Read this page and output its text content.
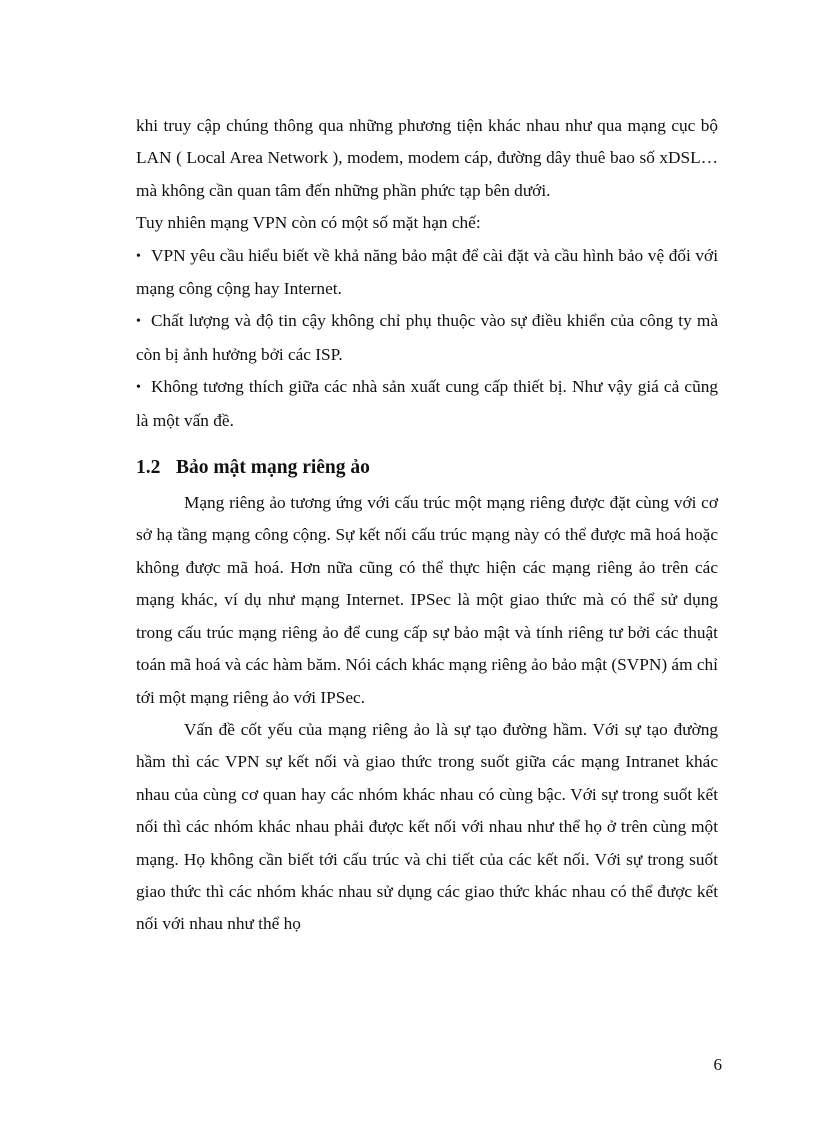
khi truy cập chúng thông qua những phương tiện khác nhau như qua mạng cục bộ LAN ( Local Area Network ), modem, modem cáp, đường dây thuê bao số xDSL… mà không cần quan tâm đến những phần phức tạp bên dưới.

Tuy nhiên mạng VPN còn có một số mặt hạn chế:

• VPN yêu cầu hiểu biết về khả năng bảo mật để cài đặt và cầu hình bảo vệ đối với mạng công cộng hay Internet.

• Chất lượng và độ tin cậy không chỉ phụ thuộc vào sự điều khiển của công ty mà còn bị ảnh hưởng bởi các ISP.

• Không tương thích giữa các nhà sản xuất cung cấp thiết bị. Như vậy giá cả cũng là một vấn đề.

1.2 Bảo mật mạng riêng ảo

Mạng riêng ảo tương ứng với cấu trúc một mạng riêng được đặt cùng với cơ sở hạ tầng mạng công cộng. Sự kết nối cấu trúc mạng này có thể được mã hoá hoặc không được mã hoá. Hơn nữa cũng có thể thực hiện các mạng riêng ảo trên các mạng khác, ví dụ như mạng Internet. IPSec là một giao thức mà có thể sử dụng trong cấu trúc mạng riêng ảo để cung cấp sự bảo mật và tính riêng tư bởi các thuật toán mã hoá và các hàm băm. Nói cách khác mạng riêng ảo bảo mật (SVPN) ám chỉ tới một mạng riêng ảo với IPSec.

Vấn đề cốt yếu của mạng riêng ảo là sự tạo đường hầm. Với sự tạo đường hầm thì các VPN sự kết nối và giao thức trong suốt giữa các mạng Intranet khác nhau của cùng cơ quan hay các nhóm khác nhau có cùng bậc. Với sự trong suốt kết nối thì các nhóm khác nhau phải được kết nối với nhau như thể họ ở trên cùng một mạng. Họ không cần biết tới cấu trúc và chi tiết của các kết nối. Với sự trong suốt giao thức thì các nhóm khác nhau sử dụng các giao thức khác nhau có thể được kết nối với nhau như thể họ

6
